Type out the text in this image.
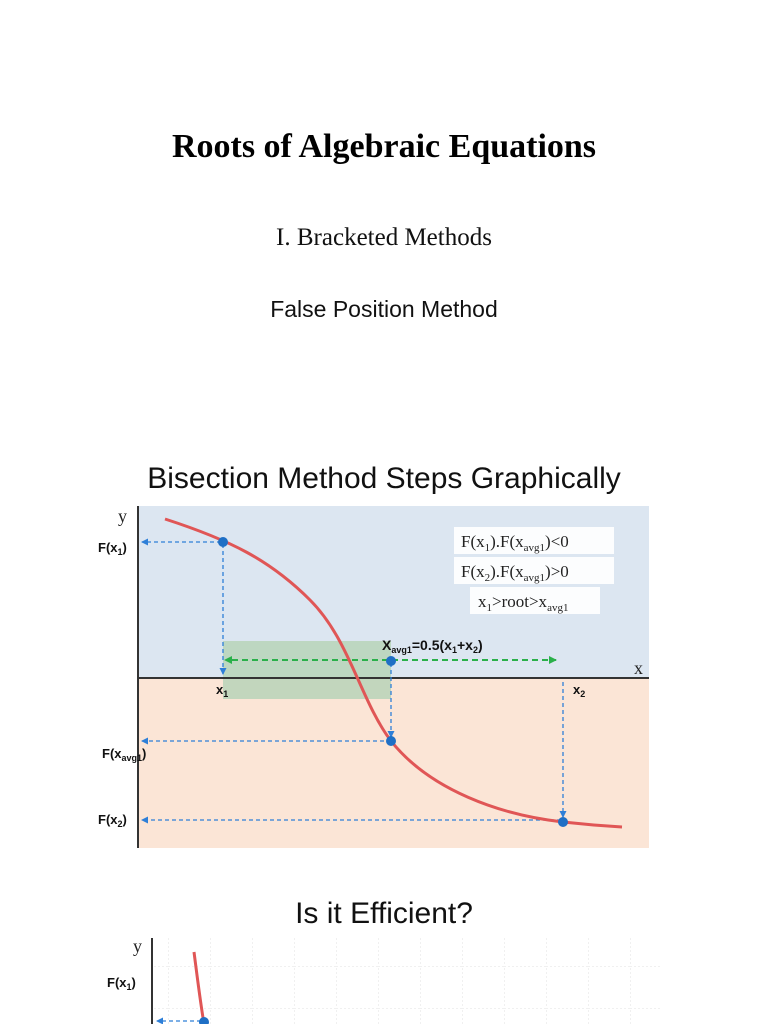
Roots of Algebraic Equations
I. Bracketed Methods
False Position Method
Bisection Method Steps Graphically
Is it Efficient?
y
x
$F(x_1).F(x_{avg1})<0$
$F(x_2).F(x_{avg1})>0$
$x_1>root>x_{avg1}$
$F(x_1)$
$F(x_{avg1})$
$F(x_2)$
$x_1$	$x_2$
$X_{avg1}=0.5(x_1+x_2)$
y
$F(x_1)$
